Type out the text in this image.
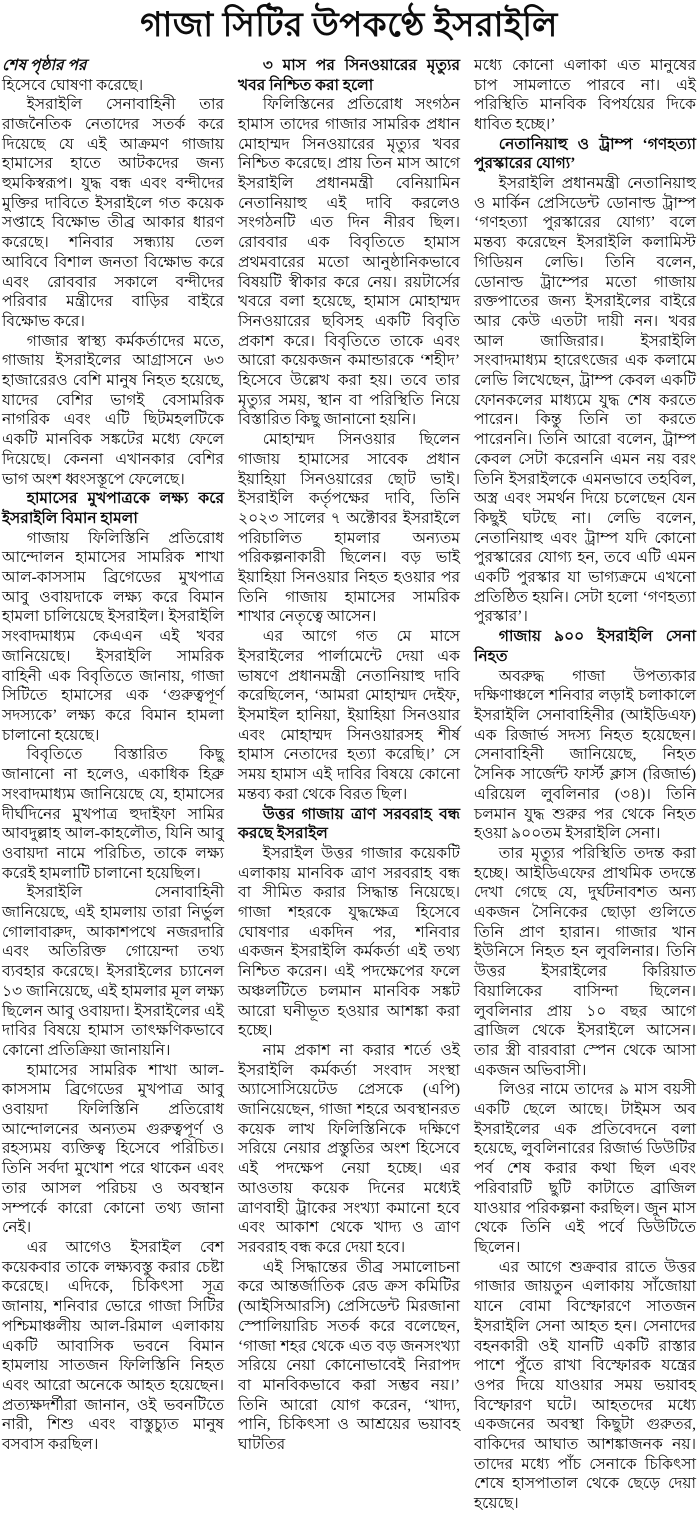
গাজা সিটির উপকণ্ঠে ইসরাইলি

শেষ পৃষ্ঠার পর

হিসেবে ঘোষণা করেছে।

ইসরাইলি সেনাবাহিনী তার রাজনৈতিক নেতাদের সতর্ক করে দিয়েছে যে এই আক্রমণ গাজায় হামাসের হাতে আটকদের জন্য হুমকিস্বরূপ। যুদ্ধ বন্ধ এবং বন্দীদের মুক্তির দাবিতে ইসরাইলে গত কয়েক সপ্তাহে বিক্ষোভ তীব্র আকার ধারণ করেছে। শনিবার সন্ধ্যায় তেল আবিবে বিশাল জনতা বিক্ষোভ করে এবং রোববার সকালে বন্দীদের পরিবার মন্ত্রীদের বাড়ির বাইরে বিক্ষোভ করে।

গাজার স্বাস্থ্য কর্মকর্তাদের মতে, গাজায় ইসরাইলের আগ্রাসনে ৬৩ হাজারেরও বেশি মানুষ নিহত হয়েছে, যাদের বেশির ভাগই বেসামরিক নাগরিক এবং এটি ছিটমহলটিকে একটি মানবিক সঙ্কটের মধ্যে ফেলে দিয়েছে। কেননা এখানকার বেশির ভাগ অংশ ধ্বংসস্তূপে ফেলেছে।

হামাসের মুখপাত্রকে লক্ষ্য করে ইসরাইলি বিমান হামলা

গাজায় ফিলিস্তিনি প্রতিরোধ আন্দোলন হামাসের সামরিক শাখা আল-কাসসাম ব্রিগেডের মুখপাত্র আবু ওবায়দাকে লক্ষ্য করে বিমান হামলা চালিয়েছে ইসরাইল। ইসরাইলি সংবাদমাধ্যম কেএএন এই খবর জানিয়েছে। ইসরাইলি সামরিক বাহিনী এক বিবৃতিতে জানায়, গাজা সিটিতে হামাসের এক ‘গুরুত্বপূর্ণ সদস্যকে’ লক্ষ্য করে বিমান হামলা চালানো হয়েছে।

বিবৃতিতে বিস্তারিত কিছু জানানো না হলেও, একাধিক হিব্রু সংবাদমাধ্যম জানিয়েছে যে, হামাসের দীর্ঘদিনের মুখপাত্র হুদাইফা সামির আবদুল্লাহ আল-কাহলৌত, যিনি আবু ওবায়দা নামে পরিচিত, তাকে লক্ষ্য করেই হামলাটি চালানো হয়েছিল।

ইসরাইলি সেনাবাহিনী জানিয়েছে, এই হামলায় তারা নির্ভুল গোলাবারুদ, আকাশপথে নজরদারি এবং অতিরিক্ত গোয়েন্দা তথ্য ব্যবহার করেছে। ইসরাইলের চ্যানেল ১৩ জানিয়েছে, এই হামলার মূল লক্ষ্য ছিলেন আবু ওবায়দা। ইসরাইলের এই দাবির বিষয়ে হামাস তাৎক্ষণিকভাবে কোনো প্রতিক্রিয়া জানায়নি।

হামাসের সামরিক শাখা আল-কাসসাম ব্রিগেডের মুখপাত্র আবু ওবায়দা ফিলিস্তিনি প্রতিরোধ আন্দোলনের অন্যতম গুরুত্বপূর্ণ ও রহস্যময় ব্যক্তিত্ব হিসেবে পরিচিত। তিনি সর্বদা মুখোশ পরে থাকেন এবং তার আসল পরিচয় ও অবস্থান সম্পর্কে কারো কোনো তথ্য জানা নেই।

এর আগেও ইসরাইল বেশ কয়েকবার তাকে লক্ষ্যবস্তু করার চেষ্টা করেছে। এদিকে, চিকিৎসা সূত্র জানায়, শনিবার ভোরে গাজা সিটির পশ্চিমাঞ্চলীয় আল-রিমাল এলাকায় একটি আবাসিক ভবনে বিমান হামলায় সাতজন ফিলিস্তিনি নিহত এবং আরো অনেকে আহত হয়েছেন। প্রত্যক্ষদর্শীরা জানান, ওই ভবনটিতে নারী, শিশু এবং বাস্তুচ্যুত মানুষ বসবাস করছিল।

৩ মাস পর সিনওয়ারের মৃত্যুর খবর নিশ্চিত করা হলো

ফিলিস্তিনের প্রতিরোধ সংগঠন হামাস তাদের গাজার সামরিক প্রধান মোহাম্মদ সিনওয়ারের মৃত্যুর খবর নিশ্চিত করেছে। প্রায় তিন মাস আগে ইসরাইলি প্রধানমন্ত্রী বেনিয়ামিন নেতানিয়াহু এই দাবি করলেও সংগঠনটি এত দিন নীরব ছিল। রোববার এক বিবৃতিতে হামাস প্রথমবারের মতো আনুষ্ঠানিকভাবে বিষয়টি স্বীকার করে নেয়। রয়টার্সের খবরে বলা হয়েছে, হামাস মোহাম্মদ সিনওয়ারের ছবিসহ একটি বিবৃতি প্রকাশ করে। বিবৃতিতে তাকে এবং আরো কয়েকজন কমান্ডারকে ‘শহীদ’ হিসেবে উল্লেখ করা হয়। তবে তার মৃত্যুর সময়, স্থান বা পরিস্থিতি নিয়ে বিস্তারিত কিছু জানানো হয়নি।

মোহাম্মদ সিনওয়ার ছিলেন গাজায় হামাসের সাবেক প্রধান ইয়াহিয়া সিনওয়ারের ছোট ভাই। ইসরাইলি কর্তৃপক্ষের দাবি, তিনি ২০২৩ সালের ৭ অক্টোবর ইসরাইলে পরিচালিত হামলার অন্যতম পরিকল্পনাকারী ছিলেন। বড় ভাই ইয়াহিয়া সিনওয়ার নিহত হওয়ার পর তিনি গাজায় হামাসের সামরিক শাখার নেতৃত্বে আসেন।

এর আগে গত মে মাসে ইসরাইলের পার্লামেন্টে দেয়া এক ভাষণে প্রধানমন্ত্রী নেতানিয়াহু দাবি করেছিলেন, ‘আমরা মোহাম্মদ দেইফ, ইসমাইল হানিয়া, ইয়াহিয়া সিনওয়ার এবং মোহাম্মদ সিনওয়ারসহ শীর্ষ হামাস নেতাদের হত্যা করেছি।’ সে সময় হামাস এই দাবির বিষয়ে কোনো মন্তব্য করা থেকে বিরত ছিল।

উত্তর গাজায় ত্রাণ সরবরাহ বন্ধ করছে ইসরাইল

ইসরাইল উত্তর গাজার কয়েকটি এলাকায় মানবিক ত্রাণ সরবরাহ বন্ধ বা সীমিত করার সিদ্ধান্ত নিয়েছে। গাজা শহরকে যুদ্ধক্ষেত্র হিসেবে ঘোষণার একদিন পর, শনিবার একজন ইসরাইলি কর্মকর্তা এই তথ্য নিশ্চিত করেন। এই পদক্ষেপের ফলে অঞ্চলটিতে চলমান মানবিক সঙ্কট আরো ঘনীভূত হওয়ার আশঙ্কা করা হচ্ছে।

নাম প্রকাশ না করার শর্তে ওই ইসরাইলি কর্মকর্তা সংবাদ সংস্থা অ্যাসোসিয়েটেড প্রেসকে (এপি) জানিয়েছেন, গাজা শহরে অবস্থানরত কয়েক লাখ ফিলিস্তিনিকে দক্ষিণে সরিয়ে নেয়ার প্রস্তুতির অংশ হিসেবে এই পদক্ষেপ নেয়া হচ্ছে। এর আওতায় কয়েক দিনের মধ্যেই ত্রাণবাহী ট্রাকের সংখ্যা কমানো হবে এবং আকাশ থেকে খাদ্য ও ত্রাণ সরবরাহ বন্ধ করে দেয়া হবে।

এই সিদ্ধান্তের তীব্র সমালোচনা করে আন্তর্জাতিক রেড ক্রস কমিটির (আইসিআরসি) প্রেসিডেন্ট মিরজানা স্পোলিয়ারিচ সতর্ক করে বলেছেন, ‘গাজা শহর থেকে এত বড় জনসংখ্যা সরিয়ে নেয়া কোনোভাবেই নিরাপদ বা মানবিকভাবে করা সম্ভব নয়।’ তিনি আরো যোগ করেন, ‘খাদ্য, পানি, চিকিৎসা ও আশ্রয়ের ভয়াবহ ঘাটতির

মধ্যে কোনো এলাকা এত মানুষের চাপ সামলাতে পারবে না। এই পরিস্থিতি মানবিক বিপর্যয়ের দিকে ধাবিত হচ্ছে।’

নেতানিয়াহু ও ট্রাম্প ‘গণহত্যা পুরস্কারের যোগ্য’

ইসরাইলি প্রধানমন্ত্রী নেতানিয়াহু ও মার্কিন প্রেসিডেন্ট ডোনাল্ড ট্রাম্প ‘গণহত্যা পুরস্কারের যোগ্য’ বলে মন্তব্য করেছেন ইসরাইলি কলামিস্ট গিডিয়ন লেভি। তিনি বলেন, ডোনাল্ড ট্রাম্পের মতো গাজায় রক্তপাতের জন্য ইসরাইলের বাইরে আর কেউ এতটা দায়ী নন। খবর আল জাজিরার। ইসরাইলি সংবাদমাধ্যম হারেৎজের এক কলামে লেভি লিখেছেন, ট্রাম্প কেবল একটি ফোনকলের মাধ্যমে যুদ্ধ শেষ করতে পারেন। কিন্তু তিনি তা করতে পারেননি। তিনি আরো বলেন, ট্রাম্প কেবল সেটা করেননি এমন নয় বরং তিনি ইসরাইলকে এমনভাবে তহবিল, অস্ত্র এবং সমর্থন দিয়ে চলেছেন যেন কিছুই ঘটছে না। লেভি বলেন, নেতানিয়াহু এবং ট্রাম্প যদি কোনো পুরস্কারের যোগ্য হন, তবে এটি এমন একটি পুরস্কার যা ভাগ্যক্রমে এখনো প্রতিষ্ঠিত হয়নি। সেটা হলো ‘গণহত্যা পুরস্কার’।

গাজায় ৯০০ ইসরাইলি সেনা নিহত

অবরুদ্ধ গাজা উপত্যকার দক্ষিণাঞ্চলে শনিবার লড়াই চলাকালে ইসরাইলি সেনাবাহিনীর (আইডিএফ) এক রিজার্ভ সদস্য নিহত হয়েছেন। সেনাবাহিনী জানিয়েছে, নিহত সৈনিক সার্জেন্ট ফার্স্ট ক্লাস (রিজার্ভ) এরিয়েল লুবলিনার (৩৪)। তিনি চলমান যুদ্ধ শুরুর পর থেকে নিহত হওয়া ৯০০তম ইসরাইলি সেনা।

তার মৃত্যুর পরিস্থিতি তদন্ত করা হচ্ছে। আইডিএফের প্রাথমিক তদন্তে দেখা গেছে যে, দুর্ঘটনাবশত অন্য একজন সৈনিকের ছোড়া গুলিতে তিনি প্রাণ হারান। গাজার খান ইউনিসে নিহত হন লুবলিনার। তিনি উত্তর ইসরাইলের কিরিয়াত বিয়ালিকের বাসিন্দা ছিলেন। লুবলিনার প্রায় ১০ বছর আগে ব্রাজিল থেকে ইসরাইলে আসেন। তার স্ত্রী বারবারা স্পেন থেকে আসা একজন অভিবাসী।

লিওর নামে তাদের ৯ মাস বয়সী একটি ছেলে আছে। টাইমস অব ইসরাইলের এক প্রতিবেদনে বলা হয়েছে, লুবলিনারের রিজার্ভ ডিউটির পর্ব শেষ করার কথা ছিল এবং পরিবারটি ছুটি কাটাতে ব্রাজিল যাওয়ার পরিকল্পনা করছিল। জুন মাস থেকে তিনি এই পর্বে ডিউটিতে ছিলেন।

এর আগে শুক্রবার রাতে উত্তর গাজার জায়তুন এলাকায় সাঁজোয়া যানে বোমা বিস্ফোরণে সাতজন ইসরাইলি সেনা আহত হন। সেনাদের বহনকারী ওই যানটি একটি রাস্তার পাশে পুঁতে রাখা বিস্ফোরক যন্ত্রের ওপর দিয়ে যাওয়ার সময় ভয়াবহ বিস্ফোরণ ঘটে। আহতদের মধ্যে একজনের অবস্থা কিছুটা গুরুতর, বাকিদের আঘাত আশঙ্কাজনক নয়। তাদের মধ্যে পাঁচ সেনাকে চিকিৎসা শেষে হাসপাতাল থেকে ছেড়ে দেয়া হয়েছে।
